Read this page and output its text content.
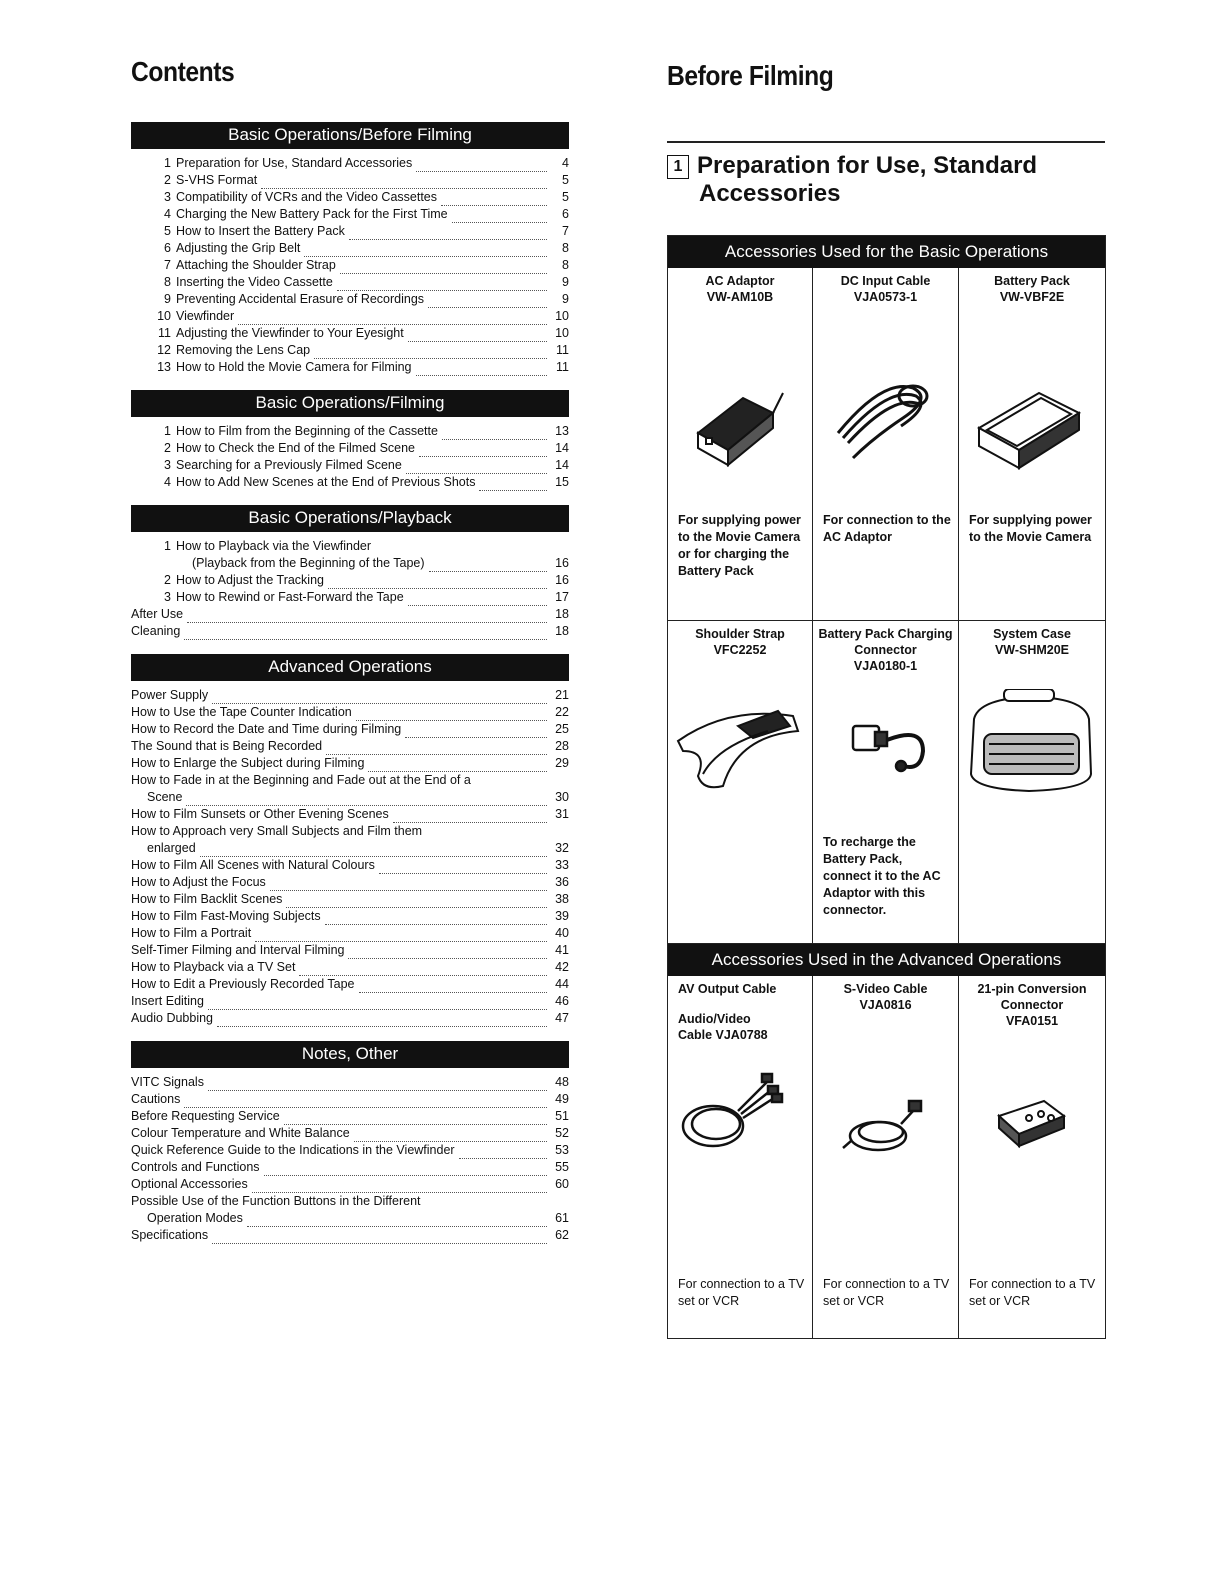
Contents
Basic Operations/Before Filming
1 Preparation for Use, Standard Accessories	4
2 S-VHS Format	5
3 Compatibility of VCRs and the Video Cassettes	5
4 Charging the New Battery Pack for the First Time	6
5 How to Insert the Battery Pack	7
6 Adjusting the Grip Belt	8
7 Attaching the Shoulder Strap	8
8 Inserting the Video Cassette	9
9 Preventing Accidental Erasure of Recordings	9
10 Viewfinder	10
11 Adjusting the Viewfinder to Your Eyesight	10
12 Removing the Lens Cap	11
13 How to Hold the Movie Camera for Filming	11
Basic Operations/Filming
1 How to Film from the Beginning of the Cassette	13
2 How to Check the End of the Filmed Scene	14
3 Searching for a Previously Filmed Scene	14
4 How to Add New Scenes at the End of Previous Shots	15
Basic Operations/Playback
1 How to Playback via the Viewfinder
(Playback from the Beginning of the Tape)	16
2 How to Adjust the Tracking	16
3 How to Rewind or Fast-Forward the Tape	17
After Use	18
Cleaning	18
Advanced Operations
Power Supply	21
How to Use the Tape Counter Indication	22
How to Record the Date and Time during Filming	25
The Sound that is Being Recorded	28
How to Enlarge the Subject during Filming	29
How to Fade in at the Beginning and Fade out at the End of a
Scene	30
How to Film Sunsets or Other Evening Scenes	31
How to Approach very Small Subjects and Film them
enlarged	32
How to Film All Scenes with Natural Colours	33
How to Adjust the Focus	36
How to Film Backlit Scenes	38
How to Film Fast-Moving Subjects	39
How to Film a Portrait	40
Self-Timer Filming and Interval Filming	41
How to Playback via a TV Set	42
How to Edit a Previously Recorded Tape	44
Insert Editing	46
Audio Dubbing	47
Notes, Other
VITC Signals	48
Cautions	49
Before Requesting Service	51
Colour Temperature and White Balance	52
Quick Reference Guide to the Indications in the Viewfinder	53
Controls and Functions	55
Optional Accessories	60
Possible Use of the Function Buttons in the Different
Operation Modes	61
Specifications	62
Before Filming
1 Preparation for Use, Standard
Accessories
Accessories Used for the Basic Operations
AC Adaptor
VW-AM10B
For supplying power to the Movie Camera or for charging the Battery Pack
DC Input Cable
VJA0573-1
For connection to the AC Adaptor
Battery Pack
VW-VBF2E
For supplying power to the Movie Camera
Shoulder Strap
VFC2252
Battery Pack Charging Connector
VJA0180-1
To recharge the Battery Pack, connect it to the AC Adaptor with this connector.
System Case
VW-SHM20E
Accessories Used in the Advanced Operations
AV Output Cable
Audio/Video Cable VJA0788
For connection to a TV set or VCR
S-Video Cable
VJA0816
For connection to a TV set or VCR
21-pin Conversion Connector
VFA0151
For connection to a TV set or VCR
